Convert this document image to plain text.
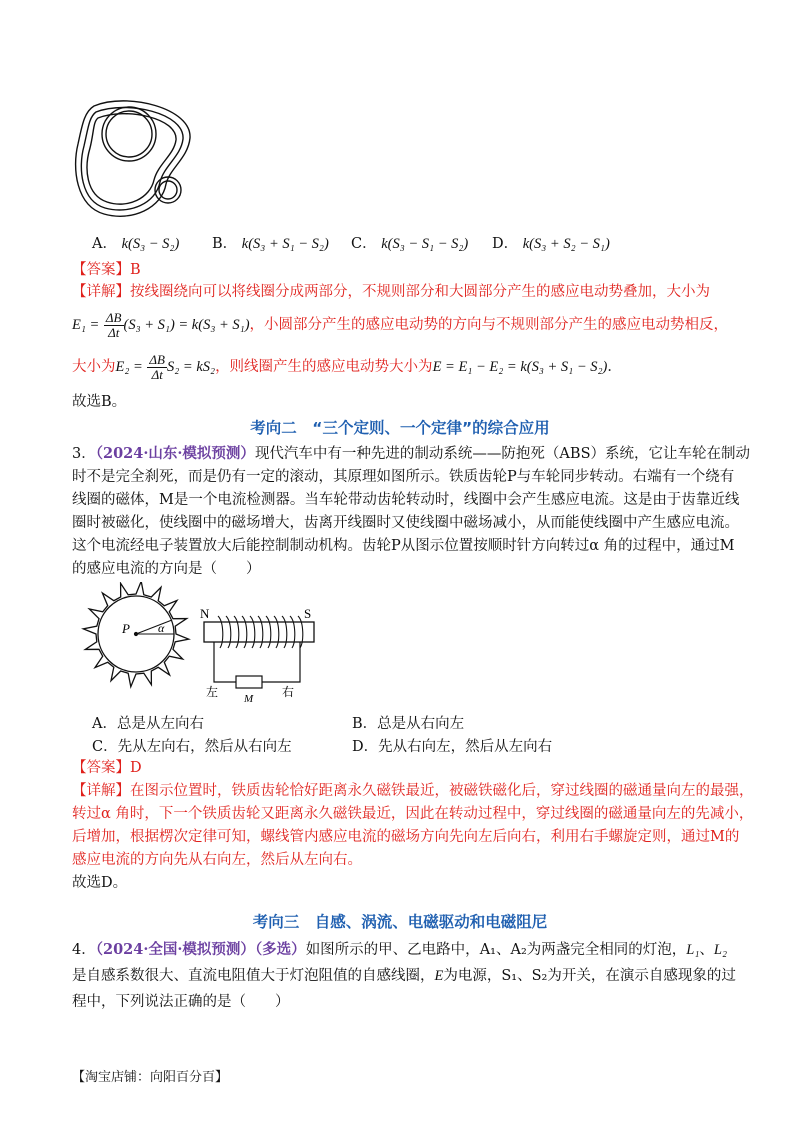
A． k(S₃ − S₂) B． k(S₃ + S₁ − S₂) C． k(S₃ − S₁ − S₂) D． k(S₃ + S₂ − S₁)
【答案】B
【详解】按线圈绕向可以将线圈分成两部分，不规则部分和大圆部分产生的感应电动势叠加，大小为
$E_1 = \frac{\Delta B}{\Delta t} (S_3 + S_1) = k(S_3 + S_1)$，小圆部分产生的感应电动势的方向与不规则部分产生的感应电动势相反，
大小为$E_2 = \frac{\Delta B}{\Delta t} S_2 = kS_2$，则线圈产生的感应电动势大小为E = E₁ − E₂ = k(S₃ + S₁ − S₂)．
故选B。
考向二　“三个定则、一个定律”的综合应用
3．（2024·山东·模拟预测）现代汽车中有一种先进的制动系统——防抱死（ABS）系统，它让车轮在制动
时不是完全刹死，而是仍有一定的滚动，其原理如图所示。铁质齿轮P与车轮同步转动。右端有一个绕有
线圈的磁体，M是一个电流检测器。当车轮带动齿轮转动时，线圈中会产生感应电流。这是由于齿靠近线
圈时被磁化，使线圈中的磁场增大，齿离开线圈时又使线圈中磁场减小，从而能使线圈中产生感应电流。
这个电流经电子装置放大后能控制制动机构。齿轮P从图示位置按顺时针方向转过α 角的过程中，通过M
的感应电流的方向是（　　）
P α
N	S
左 M 右
A．总是从左向右	B．总是从右向左
C．先从左向右，然后从右向左	D．先从右向左，然后从左向右
【答案】D
【详解】在图示位置时，铁质齿轮恰好距离永久磁铁最近，被磁铁磁化后，穿过线圈的磁通量向左的最强，
转过α 角时，下一个铁质齿轮又距离永久磁铁最近，因此在转动过程中，穿过线圈的磁通量向左的先减小，
后增加，根据楞次定律可知，螺线管内感应电流的磁场方向先向左后向右，利用右手螺旋定则，通过M的
感应电流的方向先从右向左，然后从左向右。
故选D。
考向三　自感、涡流、电磁驱动和电磁阻尼
4．（2024·全国·模拟预测）（多选）如图所示的甲、乙电路中，A₁、A₂为两盏完全相同的灯泡，L₁、L₂
是自感系数很大、直流电阻值大于灯泡阻值的自感线圈，E为电源，S₁、S₂为开关，在演示自感现象的过
程中，下列说法正确的是（　　）
【淘宝店铺：向阳百分百】
